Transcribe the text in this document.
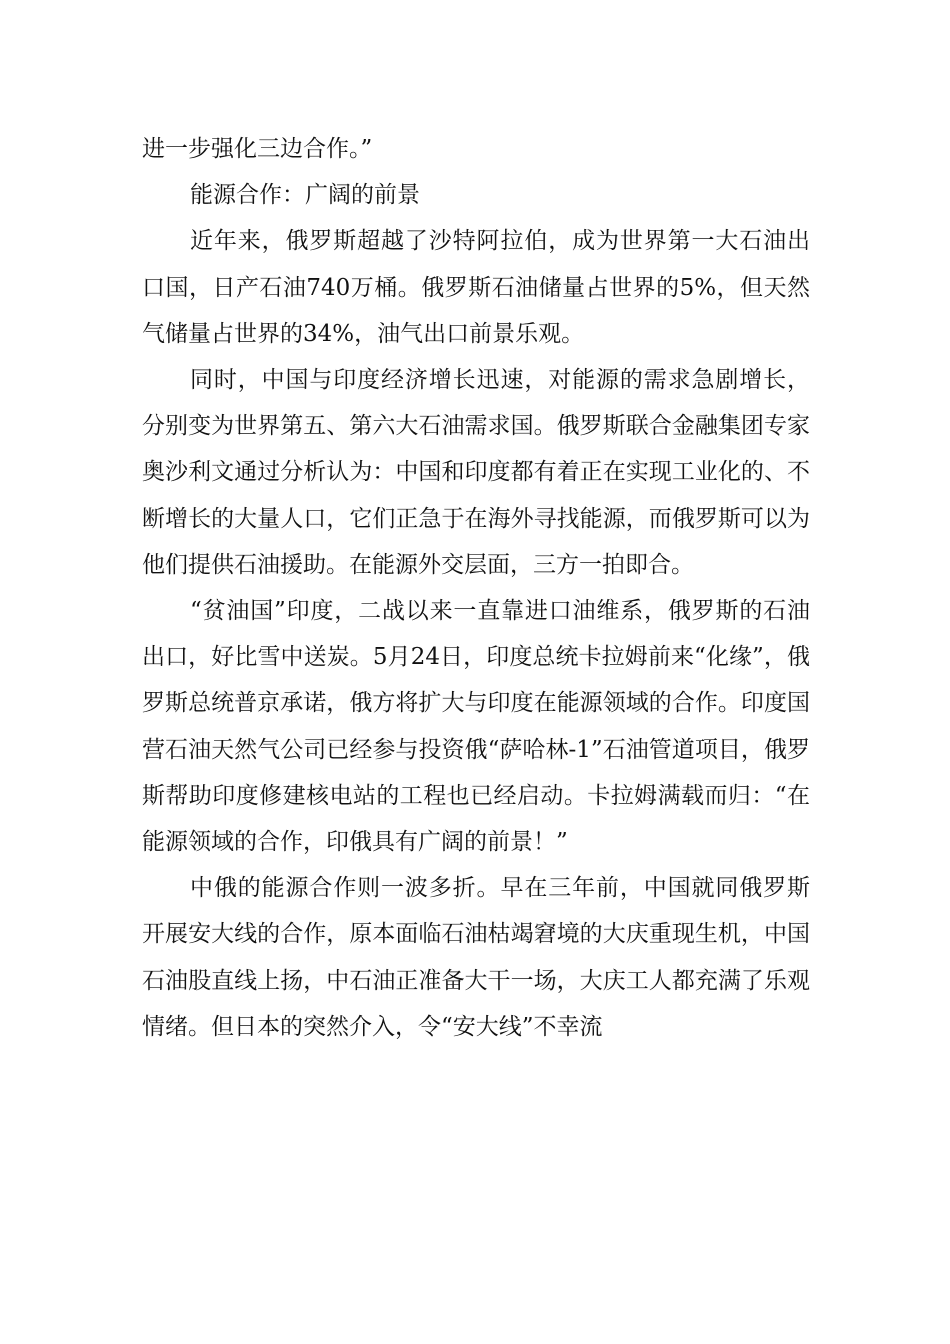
进一步强化三边合作。”

能源合作：广阔的前景

近年来，俄罗斯超越了沙特阿拉伯，成为世界第一大石油出口国，日产石油740万桶。俄罗斯石油储量占世界的5%，但天然气储量占世界的34%，油气出口前景乐观。

同时，中国与印度经济增长迅速，对能源的需求急剧增长，分别变为世界第五、第六大石油需求国。俄罗斯联合金融集团专家奥沙利文通过分析认为：中国和印度都有着正在实现工业化的、不断增长的大量人口，它们正急于在海外寻找能源，而俄罗斯可以为他们提供石油援助。在能源外交层面，三方一拍即合。

“贫油国”印度，二战以来一直靠进口油维系，俄罗斯的石油出口，好比雪中送炭。5月24日，印度总统卡拉姆前来“化缘”，俄罗斯总统普京承诺，俄方将扩大与印度在能源领域的合作。印度国营石油天然气公司已经参与投资俄“萨哈林-1”石油管道项目，俄罗斯帮助印度修建核电站的工程也已经启动。卡拉姆满载而归：“在能源领域的合作，印俄具有广阔的前景！”

中俄的能源合作则一波多折。早在三年前，中国就同俄罗斯开展安大线的合作，原本面临石油枯竭窘境的大庆重现生机，中国石油股直线上扬，中石油正准备大干一场，大庆工人都充满了乐观情绪。但日本的突然介入，令“安大线”不幸流
